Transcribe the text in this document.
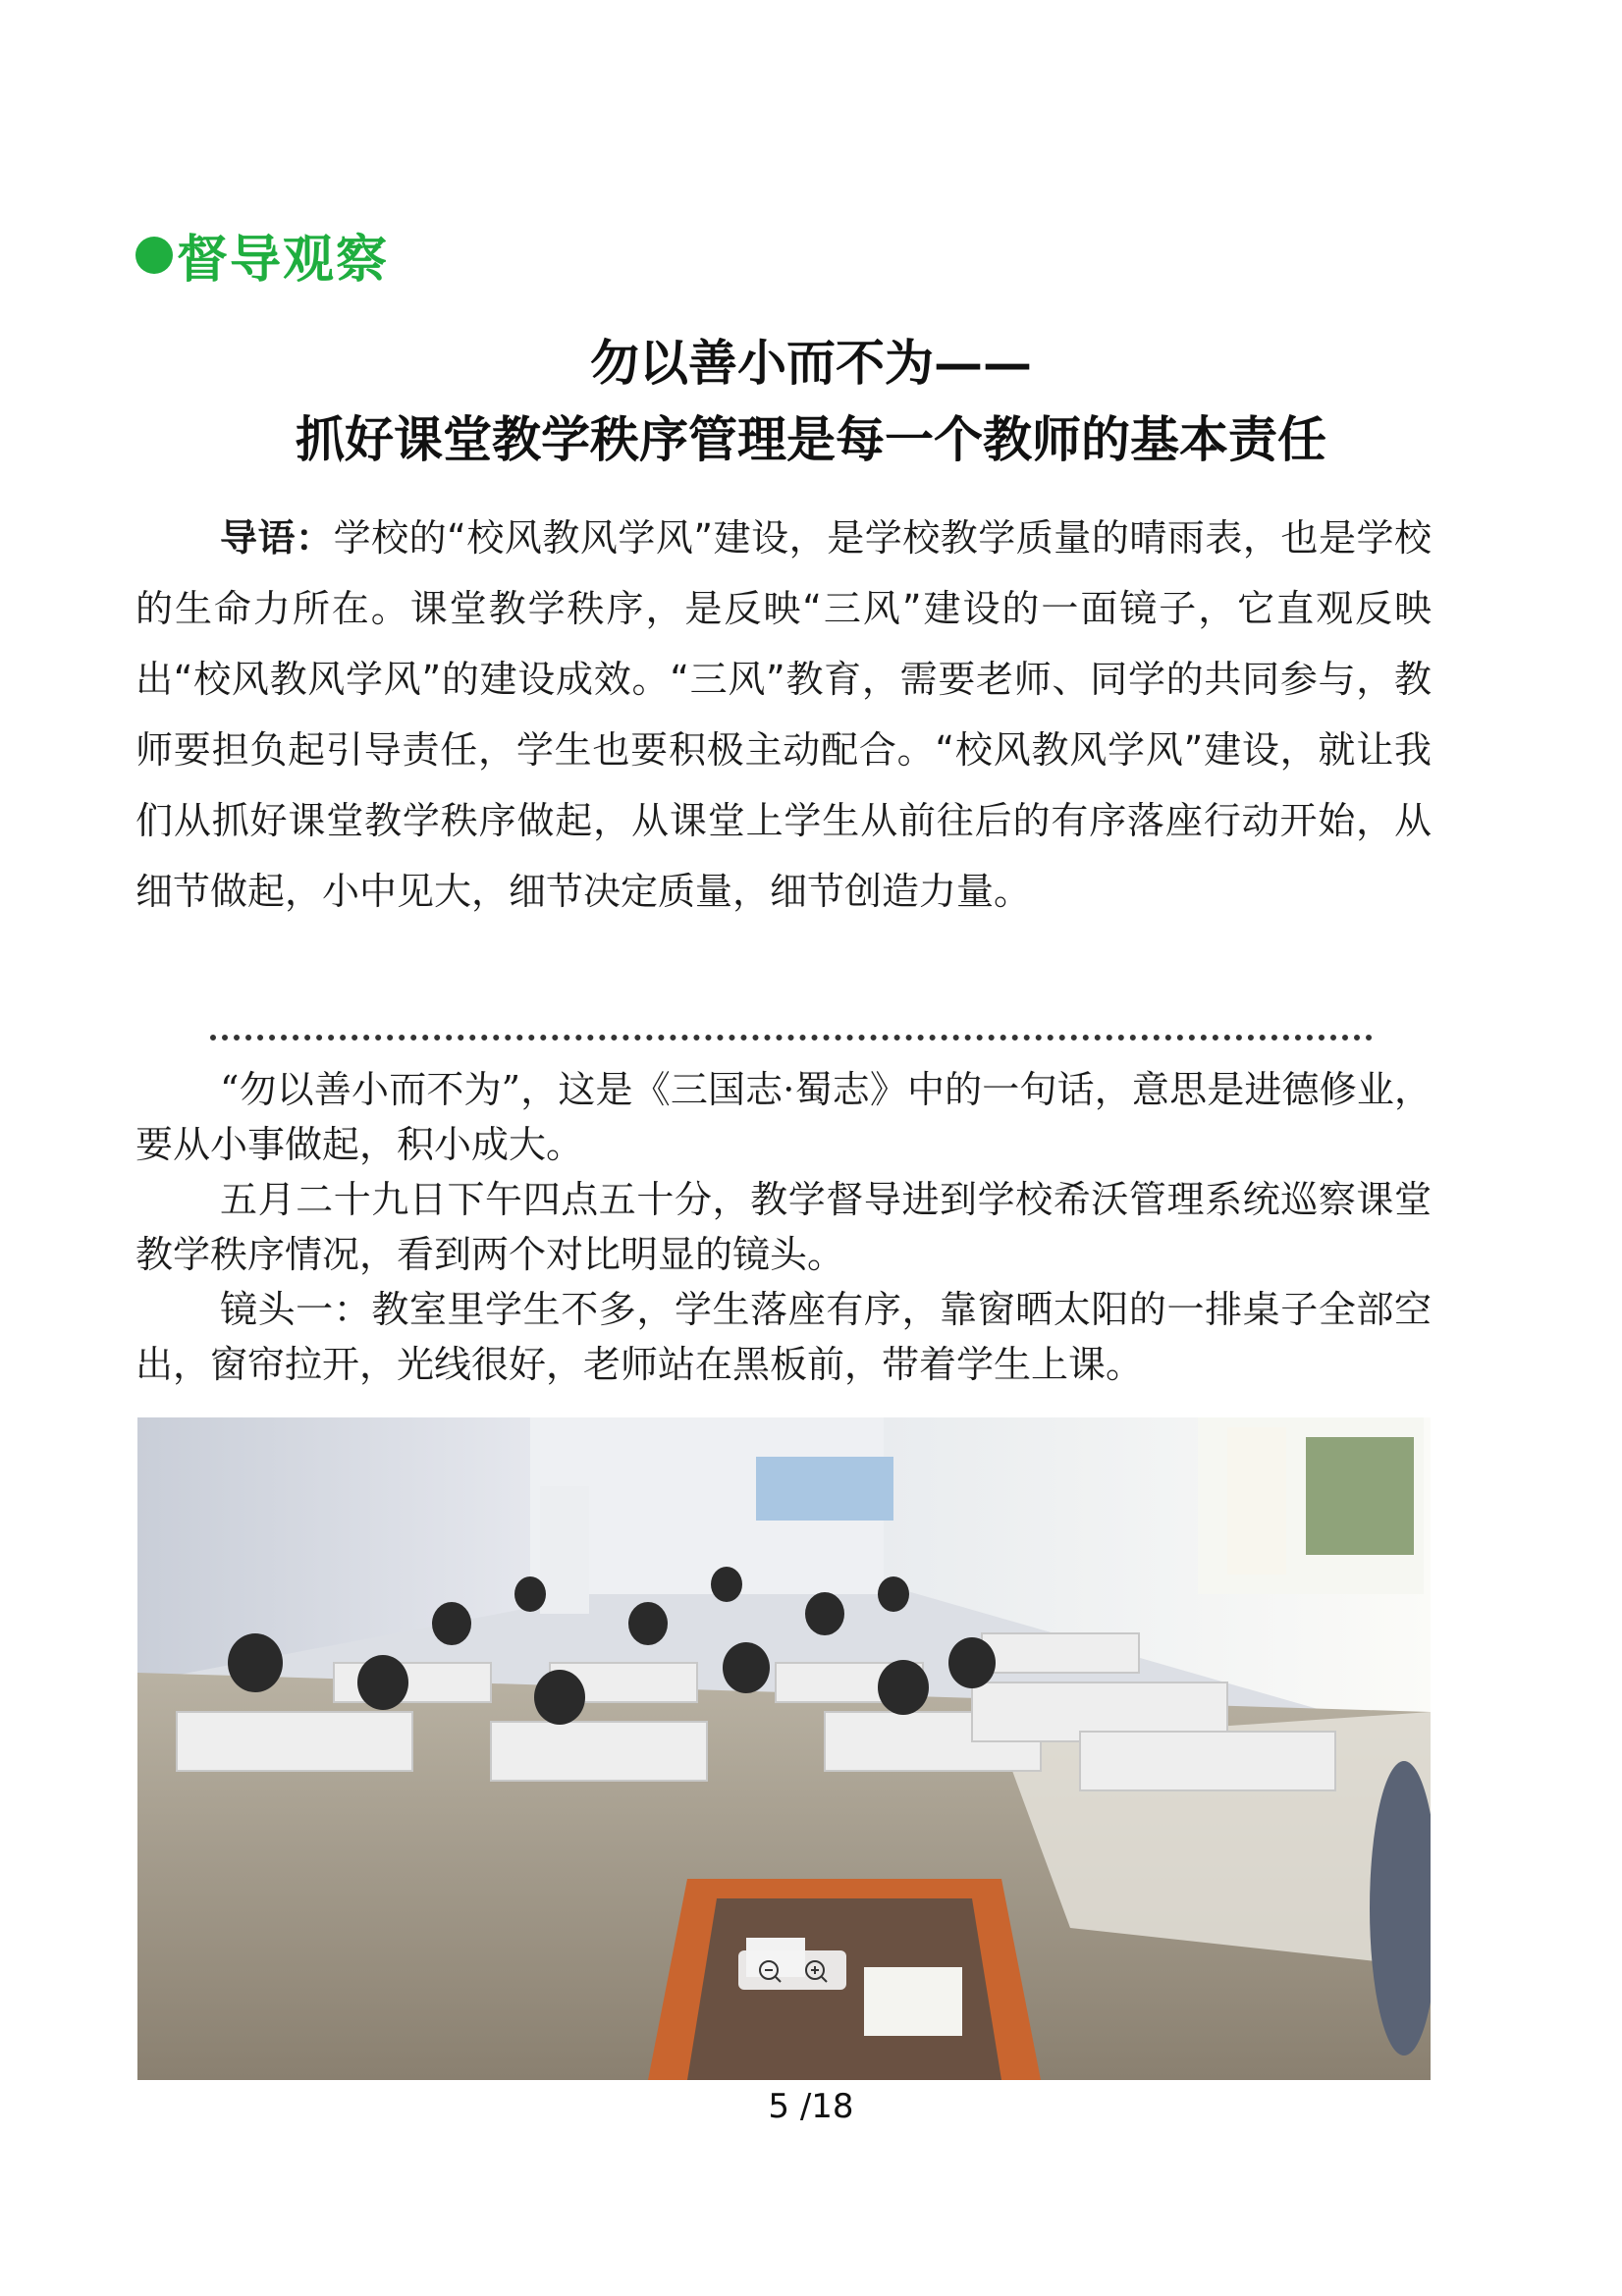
督导观察
勿以善小而不为——
抓好课堂教学秩序管理是每一个教师的基本责任
导语：学校的“校风教风学风”建设，是学校教学质量的晴雨表，也是学校的生命力所在。课堂教学秩序，是反映“三风”建设的一面镜子，它直观反映出“校风教风学风”的建设成效。“三风”教育，需要老师、同学的共同参与，教师要担负起引导责任，学生也要积极主动配合。“校风教风学风”建设，就让我们从抓好课堂教学秩序做起，从课堂上学生从前往后的有序落座行动开始，从细节做起，小中见大，细节决定质量，细节创造力量。

“勿以善小而不为”，这是《三国志·蜀志》中的一句话，意思是进德修业，要从小事做起，积小成大。

五月二十九日下午四点五十分，教学督导进到学校希沃管理系统巡察课堂教学秩序情况，看到两个对比明显的镜头。

镜头一：教室里学生不多，学生落座有序，靠窗晒太阳的一排桌子全部空出，窗帘拉开，光线很好，老师站在黑板前，带着学生上课。

5 /18
